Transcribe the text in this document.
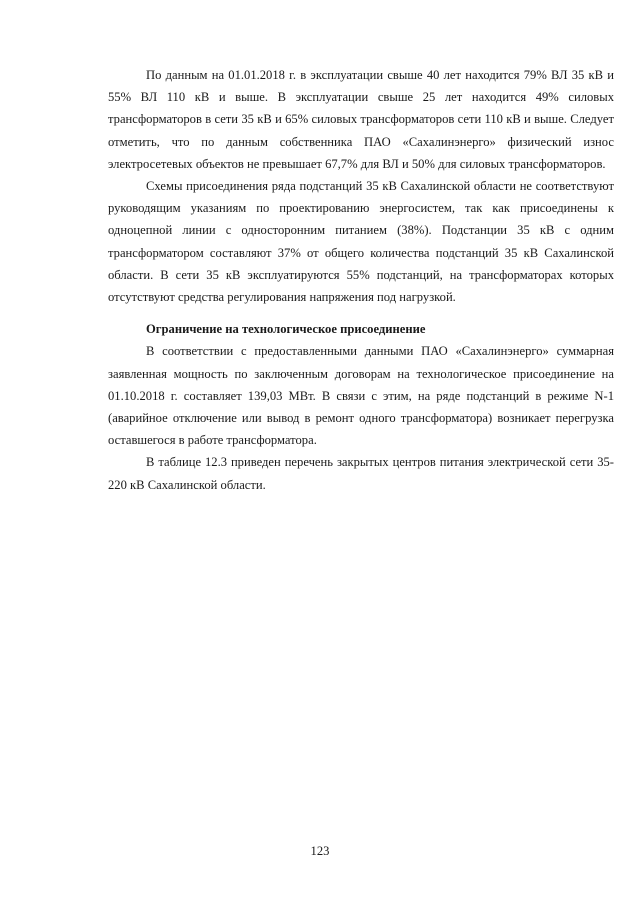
По данным на 01.01.2018 г. в эксплуатации свыше 40 лет находится 79% ВЛ 35 кВ и 55% ВЛ 110 кВ и выше. В эксплуатации свыше 25 лет находится 49% силовых трансформаторов в сети 35 кВ и 65% силовых трансформаторов сети 110 кВ и выше. Следует отметить, что по данным собственника ПАО «Сахалинэнерго» физический износ электросетевых объектов не превышает 67,7% для ВЛ и 50% для силовых трансформаторов.

Схемы присоединения ряда подстанций 35 кВ Сахалинской области не соответствуют руководящим указаниям по проектированию энергосистем, так как присоединены к одноцепной линии с односторонним питанием (38%). Подстанции 35 кВ с одним трансформатором составляют 37% от общего количества подстанций 35 кВ Сахалинской области. В сети 35 кВ эксплуатируются 55% подстанций, на трансформаторах которых отсутствуют средства регулирования напряжения под нагрузкой.

Ограничение на технологическое присоединение

В соответствии с предоставленными данными ПАО «Сахалинэнерго» суммарная заявленная мощность по заключенным договорам на технологическое присоединение на 01.10.2018 г. составляет 139,03 МВт. В связи с этим, на ряде подстанций в режиме N-1 (аварийное отключение или вывод в ремонт одного трансформатора) возникает перегрузка оставшегося в работе трансформатора.

В таблице 12.3 приведен перечень закрытых центров питания электрической сети 35-220 кВ Сахалинской области.

123
